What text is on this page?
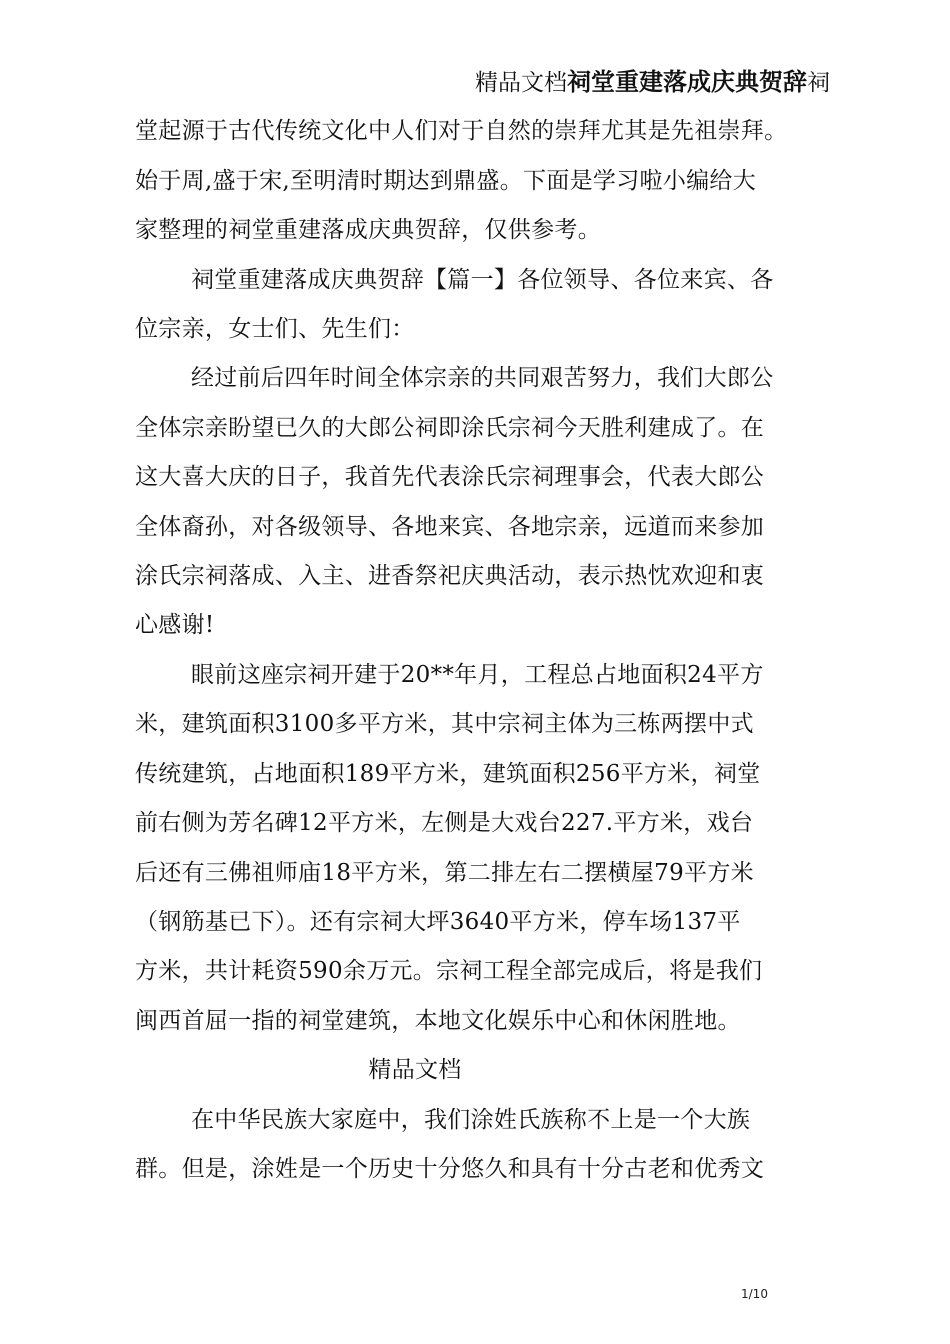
精品文档祠堂重建落成庆典贺辞祠
堂起源于古代传统文化中人们对于自然的崇拜尤其是先祖崇拜。
始于周,盛于宋,至明清时期达到鼎盛。下面是学习啦小编给大
家整理的祠堂重建落成庆典贺辞，仅供参考。
祠堂重建落成庆典贺辞【篇一】各位领导、各位来宾、各
位宗亲，女士们、先生们：
经过前后四年时间全体宗亲的共同艰苦努力，我们大郎公
全体宗亲盼望已久的大郎公祠即涂氏宗祠今天胜利建成了。在
这大喜大庆的日子，我首先代表涂氏宗祠理事会，代表大郎公
全体裔孙，对各级领导、各地来宾、各地宗亲，远道而来参加
涂氏宗祠落成、入主、进香祭祀庆典活动，表示热忱欢迎和衷
心感谢!
眼前这座宗祠开建于20**年月，工程总占地面积24平方
米，建筑面积3100多平方米，其中宗祠主体为三栋两摆中式
传统建筑，占地面积189平方米，建筑面积256平方米，祠堂
前右侧为芳名碑12平方米，左侧是大戏台227.平方米，戏台
后还有三佛祖师庙18平方米，第二排左右二摆横屋79平方米
（钢筋基已下）。还有宗祠大坪3640平方米，停车场137平
方米，共计耗资590余万元。宗祠工程全部完成后，将是我们
闽西首屈一指的祠堂建筑，本地文化娱乐中心和休闲胜地。
精品文档
在中华民族大家庭中，我们涂姓氏族称不上是一个大族
群。但是，涂姓是一个历史十分悠久和具有十分古老和优秀文
1/10
